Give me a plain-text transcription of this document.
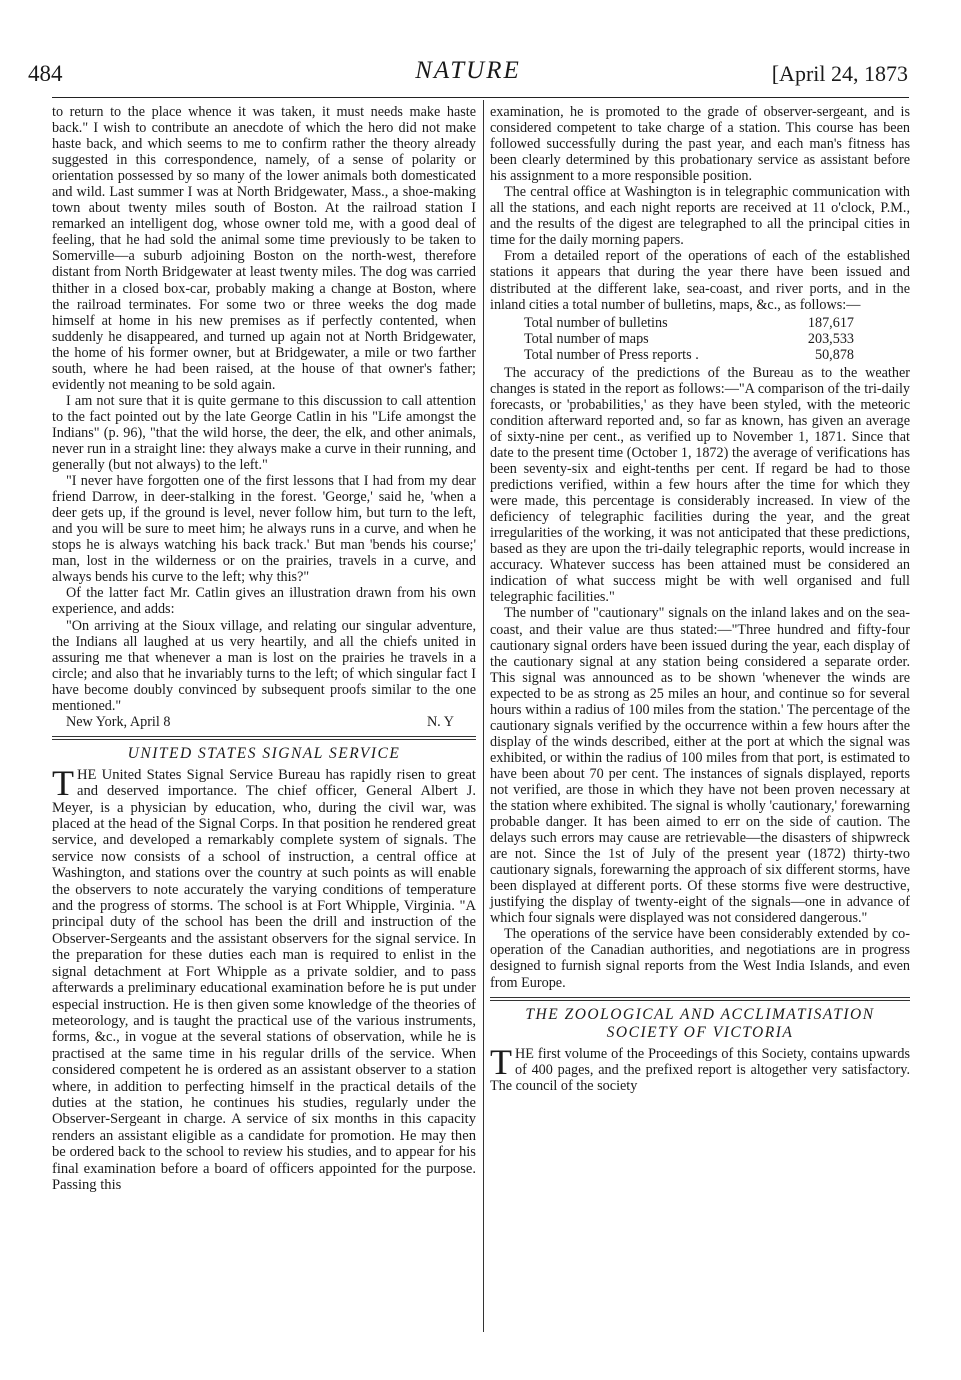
484	NATURE	[April 24, 1873

to return to the place whence it was taken, it must needs make haste back." I wish to contribute an anecdote of which the hero did not make haste back, and which seems to me to confirm rather the theory already suggested in this correspondence, namely, of a sense of polarity or orientation possessed by so many of the lower animals both domesticated and wild. Last summer I was at North Bridgewater, Mass., a shoe-making town about twenty miles south of Boston. At the railroad station I remarked an intelligent dog, whose owner told me, with a good deal of feeling, that he had sold the animal some time previously to be taken to Somerville—a suburb adjoining Boston on the north-west, therefore distant from North Bridgewater at least twenty miles. The dog was carried thither in a closed box-car, probably making a change at Boston, where the railroad terminates. For some two or three weeks the dog made himself at home in his new premises as if perfectly contented, when suddenly he disappeared, and turned up again not at North Bridgewater, the home of his former owner, but at Bridgewater, a mile or two farther south, where he had been raised, at the house of that owner's father; evidently not meaning to be sold again.

I am not sure that it is quite germane to this discussion to call attention to the fact pointed out by the late George Catlin in his "Life amongst the Indians" (p. 96), "that the wild horse, the deer, the elk, and other animals, never run in a straight line: they always make a curve in their running, and generally (but not always) to the left."

"I never have forgotten one of the first lessons that I had from my dear friend Darrow, in deer-stalking in the forest. 'George,' said he, 'when a deer gets up, if the ground is level, never follow him, but turn to the left, and you will be sure to meet him; he always runs in a curve, and when he stops he is always watching his back track.' But man 'bends his course;' man, lost in the wilderness or on the prairies, travels in a curve, and always bends his curve to the left; why this?"

Of the latter fact Mr. Catlin gives an illustration drawn from his own experience, and adds:

"On arriving at the Sioux village, and relating our singular adventure, the Indians all laughed at us very heartily, and all the chiefs united in assuring me that whenever a man is lost on the prairies he travels in a circle; and also that he invariably turns to the left; of which singular fact I have become doubly convinced by subsequent proofs similar to the one mentioned."

New York, April 8	N. Y
UNITED STATES SIGNAL SERVICE

THE United States Signal Service Bureau has rapidly risen to great and deserved importance. The chief officer, General Albert J. Meyer, is a physician by education, who, during the civil war, was placed at the head of the Signal Corps. In that position he rendered great service, and developed a remarkably complete system of signals. The service now consists of a school of instruction, a central office at Washington, and stations over the country at such points as will enable the observers to note accurately the varying conditions of temperature and the progress of storms. The school is at Fort Whipple, Virginia. "A principal duty of the school has been the drill and instruction of the Observer-Sergeants and the assistant observers for the signal service. In the preparation for these duties each man is required to enlist in the signal detachment at Fort Whipple as a private soldier, and to pass afterwards a preliminary educational examination before he is put under especial instruction. He is then given some knowledge of the theories of meteorology, and is taught the practical use of the various instruments, forms, &c., in vogue at the several stations of observation, while he is practised at the same time in his regular drills of the service. When considered competent he is ordered as an assistant observer to a station where, in addition to perfecting himself in the practical details of the duties at the station, he continues his studies, regularly under the Observer-Sergeant in charge. A service of six months in this capacity renders an assistant eligible as a candidate for promotion. He may then be ordered back to the school to review his studies, and to appear for his final examination before a board of officers appointed for the purpose. Passing this

examination, he is promoted to the grade of observer-sergeant, and is considered competent to take charge of a station. This course has been followed successfully during the past year, and each man's fitness has been clearly determined by this probationary service as assistant before his assignment to a more responsible position.

The central office at Washington is in telegraphic communication with all the stations, and each night reports are received at 11 o'clock, P.M., and the results of the digest are telegraphed to all the principal cities in time for the daily morning papers.

From a detailed report of the operations of each of the established stations it appears that during the year there have been issued and distributed at the different lake, sea-coast, and river ports, and in the inland cities a total number of bulletins, maps, &c., as follows:—

Total number of bulletins	187,617
Total number of maps	203,533
Total number of Press reports .	50,878

The accuracy of the predictions of the Bureau as to the weather changes is stated in the report as follows:—"A comparison of the tri-daily forecasts, or 'probabilities,' as they have been styled, with the meteoric condition afterward reported and, so far as known, has given an average of sixty-nine per cent., as verified up to November 1, 1871. Since that date to the present time (October 1, 1872) the average of verifications has been seventy-six and eight-tenths per cent. If regard be had to those predictions verified, within a few hours after the time for which they were made, this percentage is considerably increased. In view of the deficiency of telegraphic facilities during the year, and the great irregularities of the working, it was not anticipated that these predictions, based as they are upon the tri-daily telegraphic reports, would increase in accuracy. Whatever success has been attained must be considered an indication of what success might be with well organised and full telegraphic facilities."

The number of "cautionary" signals on the inland lakes and on the sea-coast, and their value are thus stated:—"Three hundred and fifty-four cautionary signal orders have been issued during the year, each display of the cautionary signal at any station being considered a separate order. This signal was announced as to be shown 'whenever the winds are expected to be as strong as 25 miles an hour, and continue so for several hours within a radius of 100 miles from the station.' The percentage of the cautionary signals verified by the occurrence within a few hours after the display of the winds described, either at the port at which the signal was exhibited, or within the radius of 100 miles from that port, is estimated to have been about 70 per cent. The instances of signals displayed, reports not verified, are those in which they have not been proven necessary at the station where exhibited. The signal is wholly 'cautionary,' forewarning probable danger. It has been aimed to err on the side of caution. The delays such errors may cause are retrievable—the disasters of shipwreck are not. Since the 1st of July of the present year (1872) thirty-two cautionary signals, forewarning the approach of six different storms, have been displayed at different ports. Of these storms five were destructive, justifying the display of twenty-eight of the signals—one in advance of which four signals were displayed was not considered dangerous."

The operations of the service have been considerably extended by co-operation of the Canadian authorities, and negotiations are in progress designed to furnish signal reports from the West India Islands, and even from Europe.

THE ZOOLOGICAL AND ACCLIMATISATION SOCIETY OF VICTORIA

THE first volume of the Proceedings of this Society, contains upwards of 400 pages, and the prefixed report is altogether very satisfactory. The council of the society
